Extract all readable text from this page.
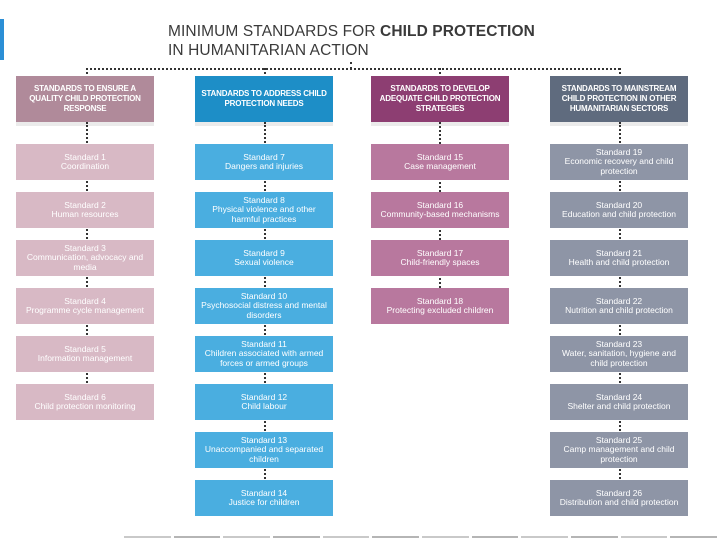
MINIMUM STANDARDS FOR CHILD PROTECTION
IN HUMANITARIAN ACTION
STANDARDS TO ENSURE A QUALITY CHILD PROTECTION RESPONSE
Standard 1
Coordination
Standard 2
Human resources
Standard 3
Communication, advocacy and media
Standard 4
Programme cycle management
Standard 5
Information management
Standard 6
Child protection monitoring
STANDARDS TO ADDRESS CHILD PROTECTION NEEDS
Standard 7
Dangers and injuries
Standard 8
Physical violence and other harmful practices
Standard 9
Sexual violence
Standard 10
Psychosocial distress and mental disorders
Standard 11
Children associated with armed forces or armed groups
Standard 12
Child labour
Standard 13
Unaccompanied and separated children
Standard 14
Justice for children
STANDARDS TO DEVELOP ADEQUATE CHILD PROTECTION STRATEGIES
Standard 15
Case management
Standard 16
Community-based mechanisms
Standard 17
Child-friendly spaces
Standard 18
Protecting excluded children
STANDARDS TO MAINSTREAM CHILD PROTECTION IN OTHER HUMANITARIAN SECTORS
Standard 19
Economic recovery and child protection
Standard 20
Education and child protection
Standard 21
Health and child protection
Standard 22
Nutrition and child protection
Standard 23
Water, sanitation, hygiene and child protection
Standard 24
Shelter and child protection
Standard 25
Camp management and child protection
Standard 26
Distribution and child protection
